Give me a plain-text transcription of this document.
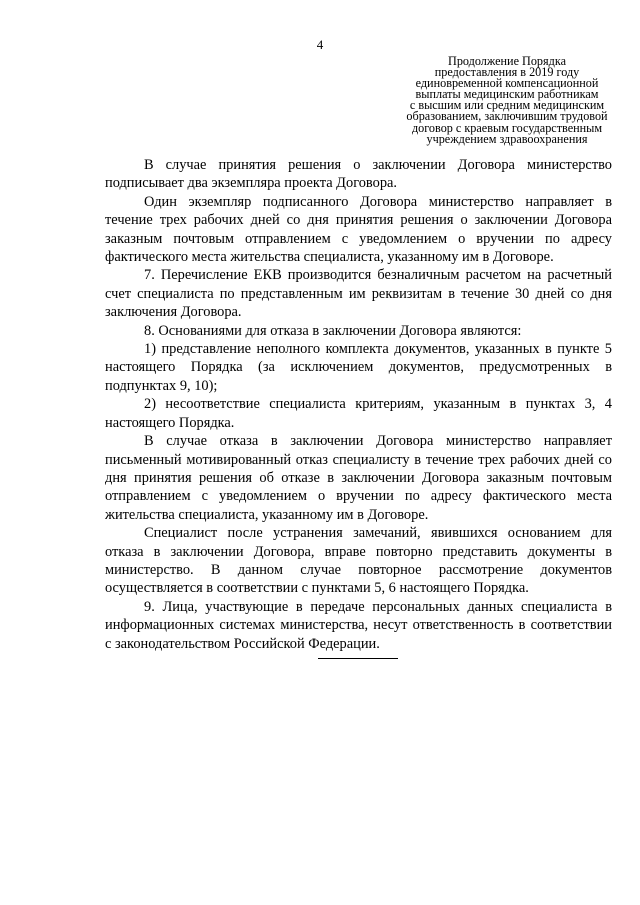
4
Продолжение Порядка
предоставления в 2019 году
единовременной компенсационной
выплаты медицинским работникам
с высшим или средним медицинским
образованием, заключившим трудовой
договор с краевым государственным
учреждением здравоохранения

В случае принятия решения о заключении Договора министерство подписывает два экземпляра проекта Договора.

Один экземпляр подписанного Договора министерство направляет в течение трех рабочих дней со дня принятия решения о заключении Договора заказным почтовым отправлением с уведомлением о вручении по адресу фактического места жительства специалиста, указанному им в Договоре.

7. Перечисление ЕКВ производится безналичным расчетом на расчетный счет специалиста по представленным им реквизитам в течение 30 дней со дня заключения Договора.

8. Основаниями для отказа в заключении Договора являются:

1) представление неполного комплекта документов, указанных в пункте 5 настоящего Порядка (за исключением документов, предусмотренных в подпунктах 9, 10);

2) несоответствие специалиста критериям, указанным в пунктах 3, 4 настоящего Порядка.

В случае отказа в заключении Договора министерство направляет письменный мотивированный отказ специалисту в течение трех рабочих дней со дня принятия решения об отказе в заключении Договора заказным почтовым отправлением с уведомлением о вручении по адресу фактического места жительства специалиста, указанному им в Договоре.

Специалист после устранения замечаний, явившихся основанием для отказа в заключении Договора, вправе повторно представить документы в министерство. В данном случае повторное рассмотрение документов осуществляется в соответствии с пунктами 5, 6 настоящего Порядка.

9. Лица, участвующие в передаче персональных данных специалиста в информационных системах министерства, несут ответственность в соответствии с законодательством Российской Федерации.
